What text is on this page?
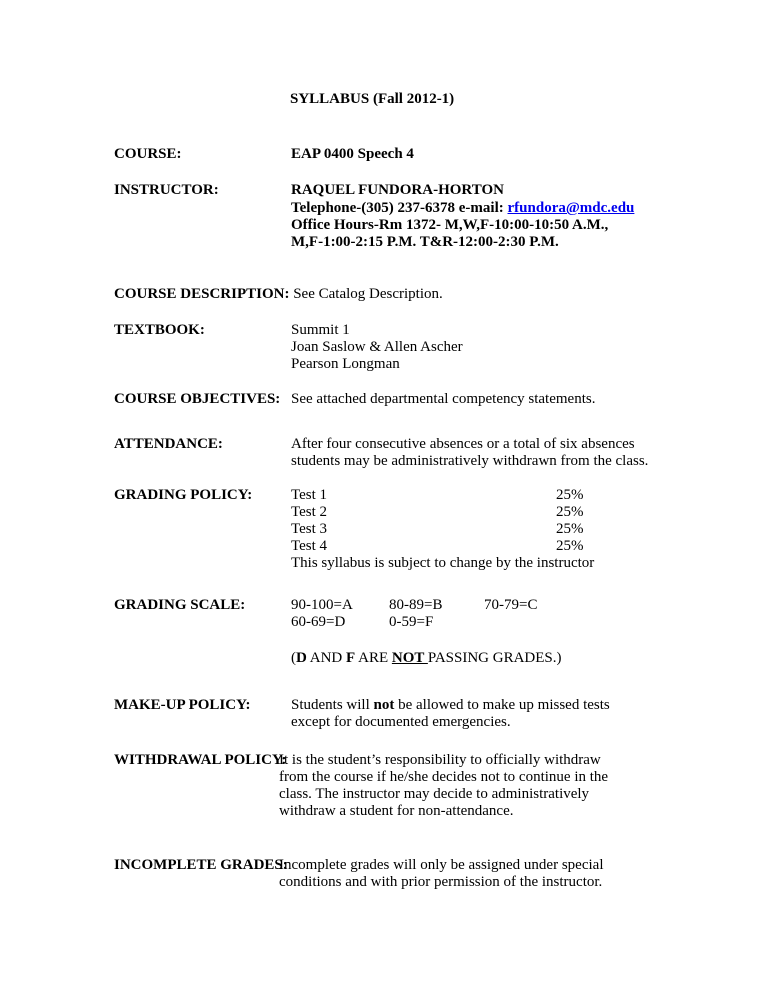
SYLLABUS (Fall 2012-1)
COURSE:	EAP 0400 Speech 4
INSTRUCTOR:	RAQUEL FUNDORA-HORTON
Telephone-(305) 237-6378 e-mail: rfundora@mdc.edu
Office Hours-Rm 1372- M,W,F-10:00-10:50 A.M.,
M,F-1:00-2:15 P.M. T&R-12:00-2:30 P.M.
COURSE DESCRIPTION: See Catalog Description.
TEXTBOOK:	Summit 1
Joan Saslow & Allen Ascher
Pearson Longman
COURSE OBJECTIVES: See attached departmental competency statements.
ATTENDANCE:	After four consecutive absences or a total of six absences
students may be administratively withdrawn from the class.
GRADING POLICY:	Test 1	25%
Test 2	25%
Test 3	25%
Test 4	25%
This syllabus is subject to change by the instructor
GRADING SCALE:	90-100=A 80-89=B	70-79=C
60-69=D	0-59=F
(D AND F ARE NOT PASSING GRADES.)
MAKE-UP POLICY:	Students will not be allowed to make up missed tests
except for documented emergencies.
WITHDRAWAL POLICY:
It is the student’s responsibility to officially withdraw
from the course if he/she decides not to continue in the
class. The instructor may decide to administratively
withdraw a student for non-attendance.
INCOMPLETE GRADES:
Incomplete grades will only be assigned under special
conditions and with prior permission of the instructor.
